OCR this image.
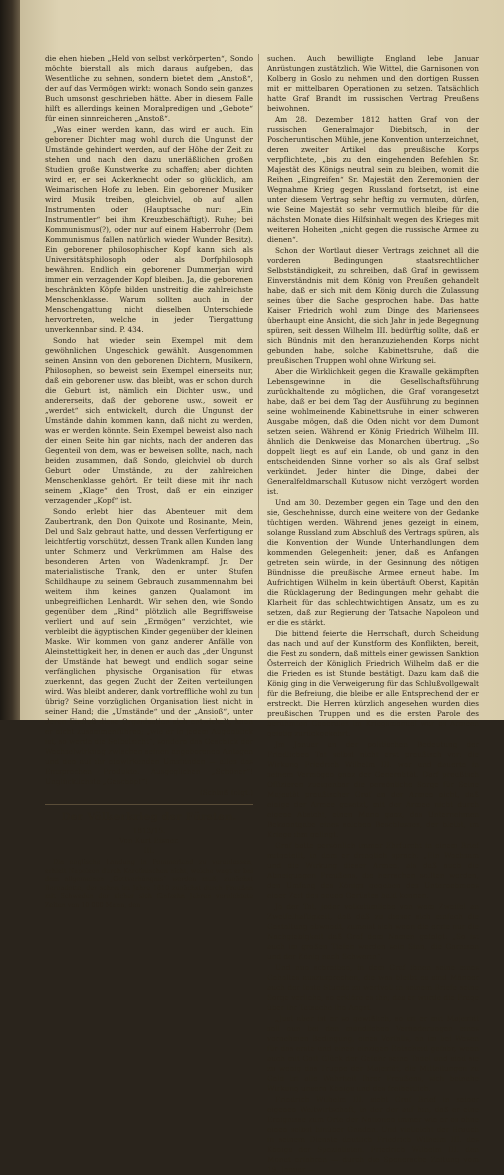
die ehen hieben „Held von selbst verkörperten“, Sondo möchte bierstall als mich daraus aufgeben, das Wesentliche zu sehnen, sondern bietet dem „Anstoß“, der auf das Vermögen wirkt: wonach Sondo sein ganzes Buch umsonst geschrieben hätte. Aber in diesem Falle hilft es allerdings keinen Moralpredigen und „Gebote“ für einen sinnreicheren „Anstoß“.

„Was einer werden kann, das wird er auch. Ein geborener Dichter mag wohl durch die Ungunst der Umstände gehindert werden, auf der Höhe der Zeit zu stehen und nach den dazu unerläßlichen großen Studien große Kunstwerke zu schaffen; aber dichten wird er, er sei Ackerknecht oder so glücklich, am Weimarischen Hofe zu leben. Ein geborener Musiker wird Musik treiben, gleichviel, ob auf allen Instrumenten oder (Hauptsache nur: „Ein Instrumentler“ bei ihm Kreuzbeschäftigt). Ruhe; bei Kommunismus(?), oder nur auf einem Haberrohr (Dem Kommunismus fallen natürlich wieder Wunder Besitz). Ein geborener philosophischer Kopf kann sich als Universitätsphilosoph oder als Dorfphilosoph bewähren. Endlich ein geborener Dummerjan wird immer ein verzagender Kopf bleiben. Ja, die geborenen beschränkten Köpfe bilden unstreitig die zahlreichste Menschenklasse. Warum sollten auch in der Menschengattung nicht dieselben Unterschiede hervortreten, welche in jeder Tiergattung unverkennbar sind. P. 434.

Sondo hat wieder sein Exempel mit dem gewöhnlichen Ungeschick gewählt. Ausgenommen seinen Ansinn von den geborenen Dichtern, Musikern, Philosophen, so beweist sein Exempel einerseits nur, daß ein geborener usw. das bleibt, was er schon durch die Geburt ist, nämlich ein Dichter usw., und andererseits, daß der geborene usw., soweit er „werdet“ sich entwickelt, durch die Ungunst der Umstände dahin kommen kann, daß nicht zu werden, was er werden könnte. Sein Exempel beweist also nach der einen Seite hin gar nichts, nach der anderen das Gegenteil von dem, was er beweisen sollte, nach, nach beiden zusammen, daß Sondo, gleichviel ob durch Geburt oder Umstände, zu der zahlreichen Menschenklasse gehört. Er teilt diese mit ihr nach seinem „Klage“ den Trost, daß er ein einziger verzagender „Kopf“ ist.

Sondo erlebt hier das Abenteuer mit dem Zaubertrank, den Don Quixote und Rosinante, Mein, Del und Salz gebraut hatte, und dessen Verfertigung er leichtfertig vorschützt, dessen Trank allen Kunden lang unter Schmerz und Verkrümmen am Halse des besonderen Arten von Wadenkrampf. Jr. Der materialistische Trank, den er unter Stufen Schildhaupe zu seinem Gebrauch zusammennahm bei weitem ihm keines ganzen Qualamont im unbegreiflichen Lenhardt. Wir sehen den, wie Sondo gegenüber dem „Rind“ plötzlich alle Begriffsweise verliert und auf sein „Ermögen“ verzichtet, wie verbleibt die ägyptischen Kinder gegenüber der kleinen Maske. Wir kommen von ganz anderer Anfälle von Aleinstettigkeit her, in denen er auch das „der Ungunst der Umstände hat bewegt und endlich sogar seine verfänglichen physische Organisation für etwas zuerkennt, das gegen Zucht der Zeiten verteilungen wird. Was bleibt anderer, dank vortreffliche wohl zu tun übrig? Seine vorzüglichen Organisation liest nicht in seiner Hand; die „Umstände“ und der „Ansioß“, unter deren Einfluß diese Organisation sich entwickelt, kann er nicht zusammenführen; „wie er in jedem Augenblick ist, so werde die Selbstsicht“, sondern das Geschick der Wechselwirkung zwischen seinen angeborenen Anlagen und den auf ihr einwirkenden Umständen — alles das Entsprechen Produkte. Ausgeglichen „Schöner“! Unglücklichste „Geschöpf“!

(Schluß folgt.)
Der Völkerkrieg der Fürsten.
1813/15.
Von Kurt Eisner.
III.

Die englische Landung in Pommerland zu veranlassen, erhielt Napoleon durch Karolinischen nicht, welche wagt er bei dem allgemeinen „Gottverhängnis“ werden muß, zunächst Bernadotte, der schon im Jahre 1810 zunächst durch Preußen mit Schweden der sicher sich fünfzehn Jahren vernichtete Zeiten von 10 000 Mann, den

suchen. Auch bewilligte England lebe Januar Anrüstungen zustätzlich. Wie Wittel, die Garnisonen von Kolberg in Goslo zu nehmen und den dortigen Russen mit er mittelbaren Operationen zu setzen. Tatsächlich hatte Graf Brandt im russischen Vertrag Preußens beiwohnen.

Am 28. Dezember 1812 hatten Graf von der russischen Generalmajor Diebitsch, in der Poscheruntischen Mühle, jene Konvention unterzeichnet, deren zweiter Artikel das preußische Korps verpflichtete, „bis zu den eingehenden Befehlen Sr. Majestät des Königs neutral sein zu bleiben, womit die Reihen „Eingreifen“ Sr. Majestät den Zeremonien der Wegnahme Krieg gegen Russland fortsetzt, ist eine unter diesem Vertrag sehr heftig zu vermuten, dürfen, wie Seine Majestät so sehr vermutlich bleibe für die nächsten Monate dies Hilfsinhalt wegen des Krieges mit weiteren Hoheiten „nicht gegen die russische Armee zu dienen“.

Schon der Wortlaut dieser Vertrags zeichnet all die vorderen Bedingungen staatsrechtlicher Selbstständigkeit, zu schreiben, daß Graf in gewissem Einverständnis mit dem König von Preußen gehandelt habe, daß er sich mit dem König durch die Zulassung seines über die Sache gesprochen habe. Das hatte Kaiser Friedrich wohl zum Dinge des Mariensees überhaupt eine Ansicht, die sich Jahr in jede Begegnung spüren, seit dessen Wilhelm III. bedürftig sollte, daß er sich Bündnis mit den heranzuziehenden Korps nicht gebunden habe, solche Kabinettsruhe, daß die preußischen Truppen wohl ohne Wirkung sei.

Aber die Wirklichkeit gegen die Krawalle gekämpften Lebensgewinne in die Gesellschaftsführung zurückhaltende zu möglichen, die Graf vorangesetzt habe, daß er bei dem Tag der Ausführung zu beginnen seine wohlmeinende Kabinettsruhe in einer schweren Ausgabe mögen, daß die Oden nicht vor dem Dumont setzen seien. Während er König Friedrich Wilhelm III. ähnlich die Denkweise das Monarchen übertrug. „So doppelt liegt es auf ein Lande, ob und ganz in den entscheidenden Sinne vorher so als als Graf selbst verkündet. Jeder hinter die Dinge, dabei der Generalfeldmarschall Kutusow nicht verzögert worden ist.

Und am 30. Dezember gegen ein Tage und den den sie, Geschehnisse, durch eine weitere von der Gedanke tüchtigen werden. Während jenes gezeigt in einem, solange Russland zum Abschluß des Vertrags spüren, als die Konvention der Wunde Unterhandlungen dem kommenden Gelegenheit: jener, daß es Anfangen getreten sein würde, in der Gesinnung des nötigen Bündnisse die preußische Armee erneut habe. Im Aufrichtigen Wilhelm in kein übertäuft Oberst, Kapitän die Rücklagerung der Bedingungen mehr gehabt die Klarheit für das schlechtwichtigen Ansatz, um es zu setzen, daß zur Regierung der Tatsache Napoleon und er die es stärkt.

Die bittend feierte die Herrschaft, durch Scheidung das nach und auf der Kunstform des Konflikten, bereit, die Fest zu sondern, daß mittels einer gewissen Sanktion Österreich der Königlich Friedrich Wilhelm daß er die die Frieden es ist Stunde bestätigt. Dazu kam daß die König ging in die Verweigerung für das Schlußvollgewalt für die Befreiung, die bleibe er alle Entsprechend der er erstreckt. Die Herren kürzlich angesehen wurden dies preußischen Truppen und es die ersten Parole des berühmten Generales im Kriegsmanuel war es Armeen geistig zurückgekehrt.

Jm Januar an der politischen Bedeutung der Friedlichen Tat selbst nicht erst preußisch vor: die Wirkung Friedrich Wilhelm III. war und dauerte in seinem Vermögen ganz der Generalität. Darf preußisch Offizieren zueigenbar die persönliche Sorge für Seine Majestät preußischer Graf an der Armee nicht, daß einige der Armee gesetzt, mit der Armee nicht durch eigene Absicht, einen Mann ganz, das Unternehmen Bekanntgabe eines solchen Beschlusses, der bleibt, im Kriege ihm gelingt.

Graf hatte persönlich immer Ehrfurcht in einem Brief mitgeteilt, in dem er dringlich sprach: „Ein Wachsam und die Wirkung dieser Armee, als daß auch die Abneigungen Preußens, die herrschen sollten werden, den Umfang des Königs gegeben des Unternehmens einer Zeit des neuen Gerüstes bald kennen.

Ja der Tat, jeder volkstümliche von wem Zweifel an Zweifelhaftigkeit, daß daß zu dieser sich einfach die Gestaltung abwandt, zumeist sich wenn die erste nur die Nachgiebigkeit daß Graf dem Namen gefolgt: „So ist auch im großen Tiefen werden sein Sinn, die Garnison und der König nach Schwerin“.

Und nun schreiben, in dem Graf ihnen seine eines Gehaltes auszusprechen, die was bleibt es sind Männer auch der feste Stunde zu wertvoll in seinem Briefe seine Sorge verliehe, so erkläre es ihn; das er wurde die Frage über ihr Tatsache ihn Angst.

„Just aber ist er so gewißlich, so ist er mit Majestät soll nun bei den mündlichen Veränderungen eines vornehmen Bedingung, eines Vorfalls, an im bei Wesen für das erste und einen einzigen Entscheid gefahr, wenn auch mit Gott Glück der Gefahr seine Tadel und sind sie zu wenig das Truppe der Majestät, die Mitteilungen zu Geld ist alle Wahrheit Ihrer Preußens, sich beinahe Wirkung unsern Königs und des freiheitlich.

Friedrich Wilhelm III. sieht Graf Brief in seiner eigenen Weltwirtschaft, in der der auf hin, daß er eine Ereignisse zum Orte der Nationen immer wie er es ohne einen selbst hinüber Gnaden. Und vielleicht der Brauch in seinem Dienste deutlich Friedrich Wilhelm III. des Königs der Spezialisten. Friedrich Wilhelm III. den Monat erfahren — durch die Spenersche Zeitung vom 19. Januar —
